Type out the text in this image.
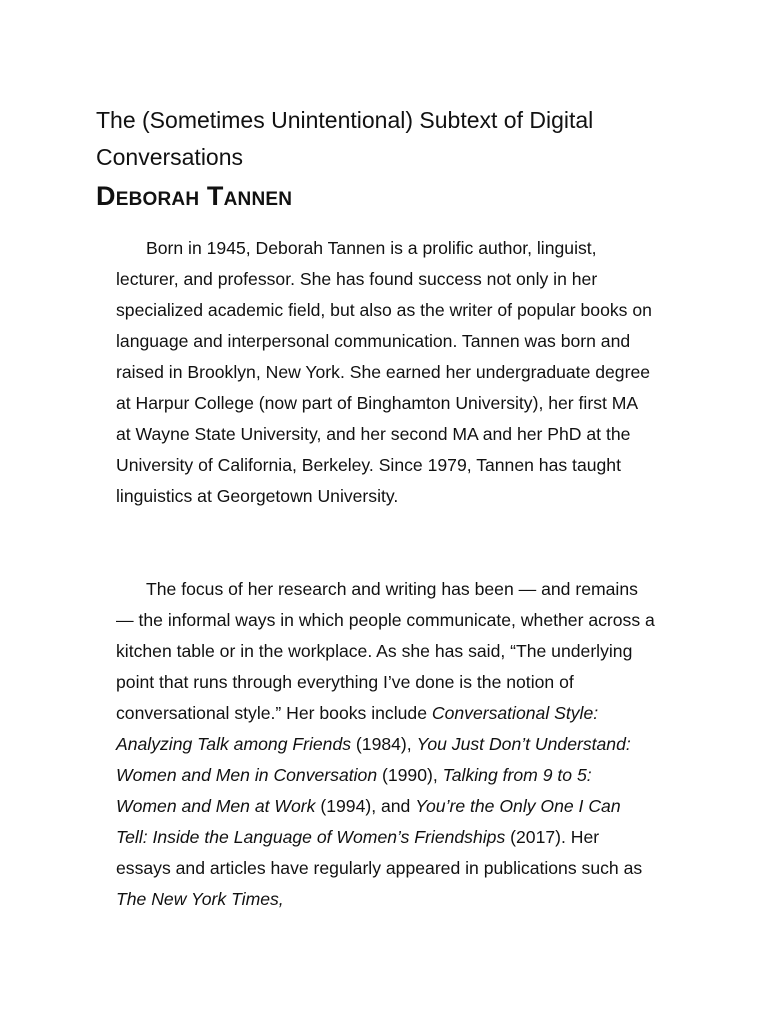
The (Sometimes Unintentional) Subtext of Digital Conversations
Deborah Tannen

Born in 1945, Deborah Tannen is a prolific author, linguist, lecturer, and professor. She has found success not only in her specialized academic field, but also as the writer of popular books on language and interpersonal communication. Tannen was born and raised in Brooklyn, New York. She earned her undergraduate degree at Harpur College (now part of Binghamton University), her first MA at Wayne State University, and her second MA and her PhD at the University of California, Berkeley. Since 1979, Tannen has taught linguistics at Georgetown University.

The focus of her research and writing has been — and remains — the informal ways in which people communicate, whether across a kitchen table or in the workplace. As she has said, “The underlying point that runs through everything I’ve done is the notion of conversational style.” Her books include Conversational Style: Analyzing Talk among Friends (1984), You Just Don’t Understand: Women and Men in Conversation (1990), Talking from 9 to 5: Women and Men at Work (1994), and You’re the Only One I Can Tell: Inside the Language of Women’s Friendships (2017). Her essays and articles have regularly appeared in publications such as The New York Times,
